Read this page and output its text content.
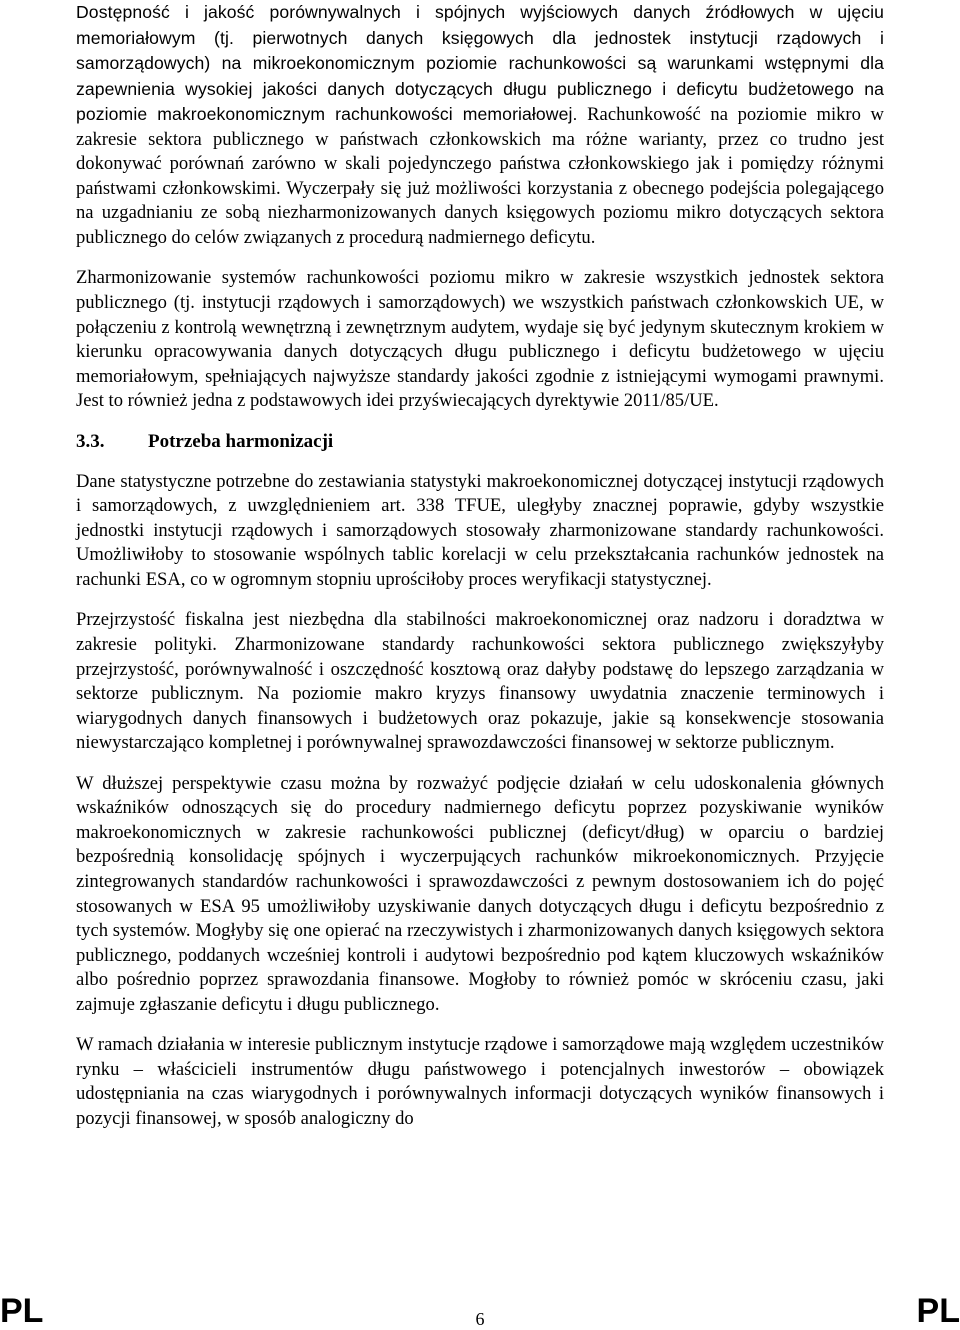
Dostępność i jakość porównywalnych i spójnych wyjściowych danych źródłowych w ujęciu memoriałowym (tj. pierwotnych danych księgowych dla jednostek instytucji rządowych i samorządowych) na mikroekonomicznym poziomie rachunkowości są warunkami wstępnymi dla zapewnienia wysokiej jakości danych dotyczących długu publicznego i deficytu budżetowego na poziomie makroekonomicznym rachunkowości memoriałowej. Rachunkowość na poziomie mikro w zakresie sektora publicznego w państwach członkowskich ma różne warianty, przez co trudno jest dokonywać porównań zarówno w skali pojedynczego państwa członkowskiego jak i pomiędzy różnymi państwami członkowskimi. Wyczerpały się już możliwości korzystania z obecnego podejścia polegającego na uzgadnianiu ze sobą niezharmonizowanych danych księgowych poziomu mikro dotyczących sektora publicznego do celów związanych z procedurą nadmiernego deficytu.

Zharmonizowanie systemów rachunkowości poziomu mikro w zakresie wszystkich jednostek sektora publicznego (tj. instytucji rządowych i samorządowych) we wszystkich państwach członkowskich UE, w połączeniu z kontrolą wewnętrzną i zewnętrznym audytem, wydaje się być jedynym skutecznym krokiem w kierunku opracowywania danych dotyczących długu publicznego i deficytu budżetowego w ujęciu memoriałowym, spełniających najwyższe standardy jakości zgodnie z istniejącymi wymogami prawnymi. Jest to również jedna z podstawowych idei przyświecających dyrektywie 2011/85/UE.

3.3.	Potrzeba harmonizacji

Dane statystyczne potrzebne do zestawiania statystyki makroekonomicznej dotyczącej instytucji rządowych i samorządowych, z uwzględnieniem art. 338 TFUE, uległyby znacznej poprawie, gdyby wszystkie jednostki instytucji rządowych i samorządowych stosowały zharmonizowane standardy rachunkowości. Umożliwiłoby to stosowanie wspólnych tablic korelacji w celu przekształcania rachunków jednostek na rachunki ESA, co w ogromnym stopniu uprościłoby proces weryfikacji statystycznej.

Przejrzystość fiskalna jest niezbędna dla stabilności makroekonomicznej oraz nadzoru i doradztwa w zakresie polityki. Zharmonizowane standardy rachunkowości sektora publicznego zwiększyłyby przejrzystość, porównywalność i oszczędność kosztową oraz dałyby podstawę do lepszego zarządzania w sektorze publicznym. Na poziomie makro kryzys finansowy uwydatnia znaczenie terminowych i wiarygodnych danych finansowych i budżetowych oraz pokazuje, jakie są konsekwencje stosowania niewystarczająco kompletnej i porównywalnej sprawozdawczości finansowej w sektorze publicznym.

W dłuższej perspektywie czasu można by rozważyć podjęcie działań w celu udoskonalenia głównych wskaźników odnoszących się do procedury nadmiernego deficytu poprzez pozyskiwanie wyników makroekonomicznych w zakresie rachunkowości publicznej (deficyt/dług) w oparciu o bardziej bezpośrednią konsolidację spójnych i wyczerpujących rachunków mikroekonomicznych. Przyjęcie zintegrowanych standardów rachunkowości i sprawozdawczości z pewnym dostosowaniem ich do pojęć stosowanych w ESA 95 umożliwiłoby uzyskiwanie danych dotyczących długu i deficytu bezpośrednio z tych systemów. Mogłyby się one opierać na rzeczywistych i zharmonizowanych danych księgowych sektora publicznego, poddanych wcześniej kontroli i audytowi bezpośrednio pod kątem kluczowych wskaźników albo pośrednio poprzez sprawozdania finansowe. Mogłoby to również pomóc w skróceniu czasu, jaki zajmuje zgłaszanie deficytu i długu publicznego.

W ramach działania w interesie publicznym instytucje rządowe i samorządowe mają względem uczestników rynku – właścicieli instrumentów długu państwowego i potencjalnych inwestorów – obowiązek udostępniania na czas wiarygodnych i porównywalnych informacji dotyczących wyników finansowych i pozycji finansowej, w sposób analogiczny do

PL	6	PL
